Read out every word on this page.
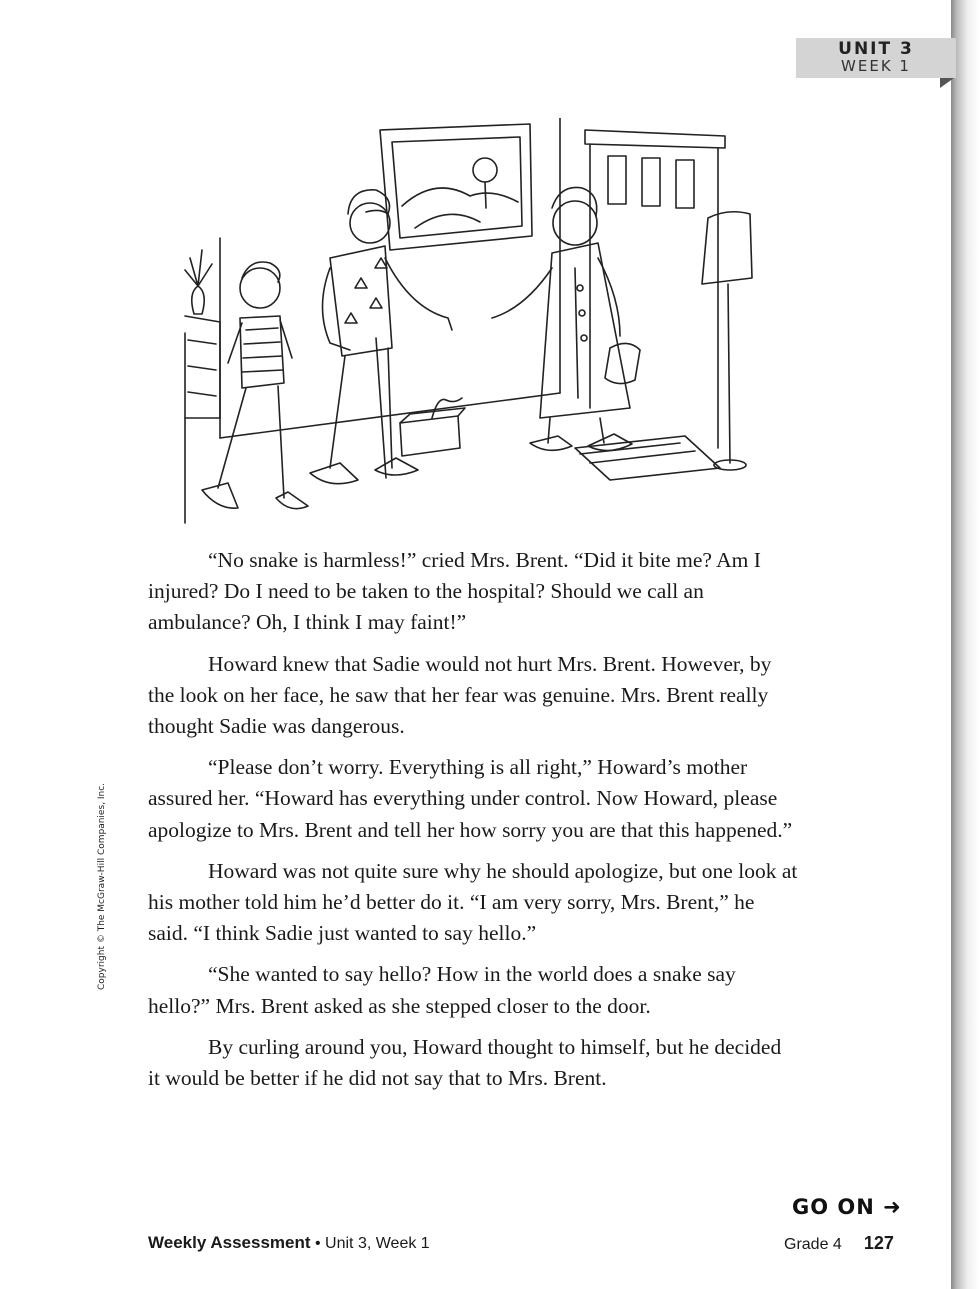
UNIT 3
WEEK 1

“No snake is harmless!” cried Mrs. Brent. “Did it bite me? Am I injured? Do I need to be taken to the hospital? Should we call an ambulance? Oh, I think I may faint!”

Howard knew that Sadie would not hurt Mrs. Brent. However, by the look on her face, he saw that her fear was genuine. Mrs. Brent really thought Sadie was dangerous.

“Please don’t worry. Everything is all right,” Howard’s mother assured her. “Howard has everything under control. Now Howard, please apologize to Mrs. Brent and tell her how sorry you are that this happened.”

Howard was not quite sure why he should apologize, but one look at his mother told him he’d better do it. “I am very sorry, Mrs. Brent,” he said. “I think Sadie just wanted to say hello.”

“She wanted to say hello? How in the world does a snake say hello?” Mrs. Brent asked as she stepped closer to the door.

By curling around you, Howard thought to himself, but he decided it would be better if he did not say that to Mrs. Brent.

Copyright © The McGraw-Hill Companies, Inc.
GO ON ➜
Weekly Assessment • Unit 3, Week 1	Grade 4 127
